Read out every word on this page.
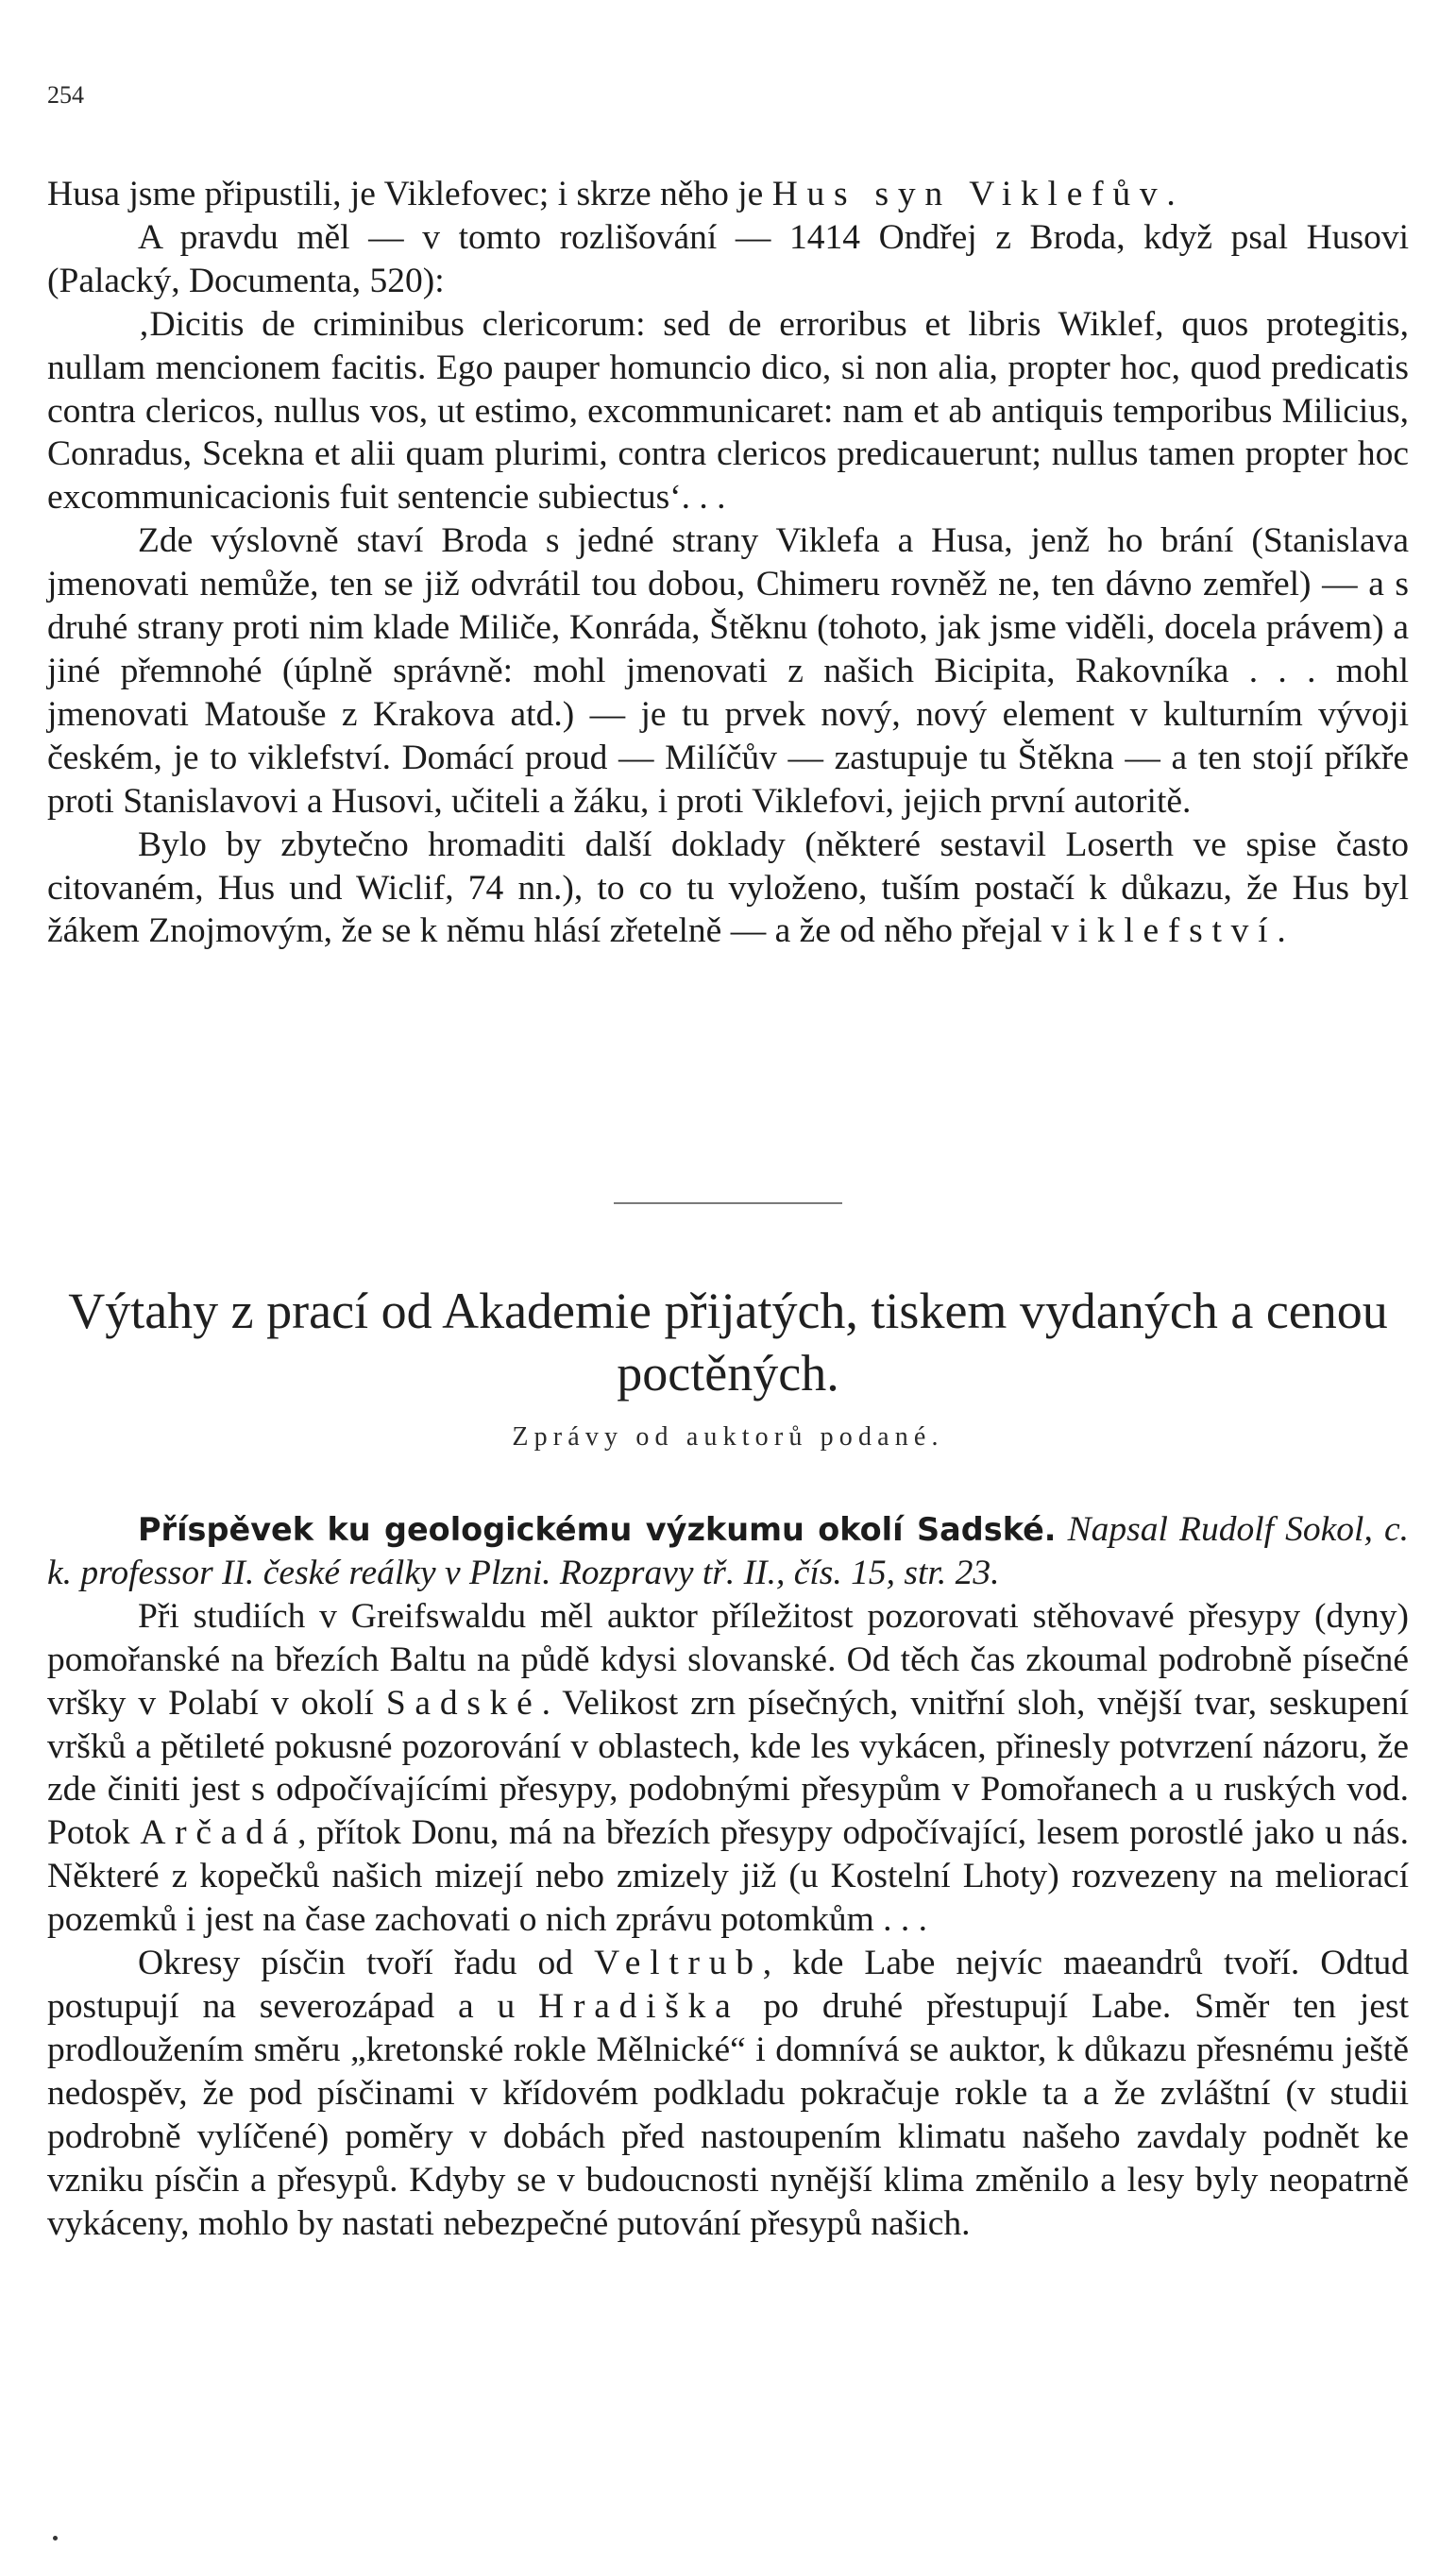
254

Husa jsme připustili, je Viklefovec; i skrze něho je Hus syn Viklefův.

A pravdu měl — v tomto rozlišování — 1414 Ondřej z Broda, když psal Husovi (Palacký, Documenta, 520):

‚Dicitis de criminibus clericorum: sed de erroribus et libris Wiklef, quos protegitis, nullam mencionem facitis. Ego pauper homuncio dico, si non alia, propter hoc, quod predicatis contra clericos, nullus vos, ut estimo, excommunicaret: nam et ab antiquis temporibus Milicius, Conradus, Scekna et alii quam plurimi, contra clericos predicauerunt; nullus tamen propter hoc excommunicacionis fuit sentencie subiectus‘. . .

Zde výslovně staví Broda s jedné strany Viklefa a Husa, jenž ho brání (Stanislava jmenovati nemůže, ten se již odvrátil tou dobou, Chimeru rovněž ne, ten dávno zemřel) — a s druhé strany proti nim klade Miliče, Konráda, Štěknu (tohoto, jak jsme viděli, docela právem) a jiné přemnohé (úplně správně: mohl jmenovati z našich Bicipita, Rakovníka . . . mohl jmenovati Matouše z Krakova atd.) — je tu prvek nový, nový element v kulturním vývoji českém, je to viklefství. Domácí proud — Milíčův — zastupuje tu Štěkna — a ten stojí příkře proti Stanislavovi a Husovi, učiteli a žáku, i proti Viklefovi, jejich první autoritě.

Bylo by zbytečno hromaditi další doklady (některé sestavil Loserth ve spise často citovaném, Hus und Wiclif, 74 nn.), to co tu vyloženo, tuším postačí k důkazu, že Hus byl žákem Znojmovým, že se k němu hlásí zřetelně — a že od něho přejal viklefství.

Výtahy z prací od Akademie přijatých, tiskem vydaných a cenou poctěných.
Zprávy od auktorů podané.

Příspěvek ku geologickému výzkumu okolí Sadské. Napsal Rudolf Sokol, c. k. professor II. české reálky v Plzni. Rozpravy tř. II., čís. 15, str. 23.

Při studiích v Greifswaldu měl auktor příležitost pozorovati stěhovavé přesypy (dyny) pomořanské na březích Baltu na půdě kdysi slovanské. Od těch čas zkoumal podrobně písečné vršky v Polabí v okolí Sadské. Velikost zrn písečných, vnitřní sloh, vnější tvar, seskupení vršků a pětileté pokusné pozorování v oblastech, kde les vykácen, přinesly potvrzení názoru, že zde činiti jest s odpočívajícími přesypy, podobnými přesypům v Pomořanech a u ruských vod. Potok Arčadá, přítok Donu, má na březích přesypy odpočívající, lesem porostlé jako u nás. Některé z kopečků našich mizejí nebo zmizely již (u Kostelní Lhoty) rozvezeny na meliorací pozemků i jest na čase zachovati o nich zprávu potomkům . . .

Okresy písčin tvoří řadu od Veltrub, kde Labe nejvíc maeandrů tvoří. Odtud postupují na severozápad a u Hradiška po druhé přestupují Labe. Směr ten jest prodloužením směru „kretonské rokle Mělnické“ i domnívá se auktor, k důkazu přesnému ještě nedospěv, že pod písčinami v křídovém podkladu pokračuje rokle ta a že zvláštní (v studii podrobně vylíčené) poměry v dobách před nastoupením klimatu našeho zavdaly podnět ke vzniku písčin a přesypů. Kdyby se v budoucnosti nynější klima změnilo a lesy byly neopatrně vykáceny, mohlo by nastati nebezpečné putování přesypů našich.
